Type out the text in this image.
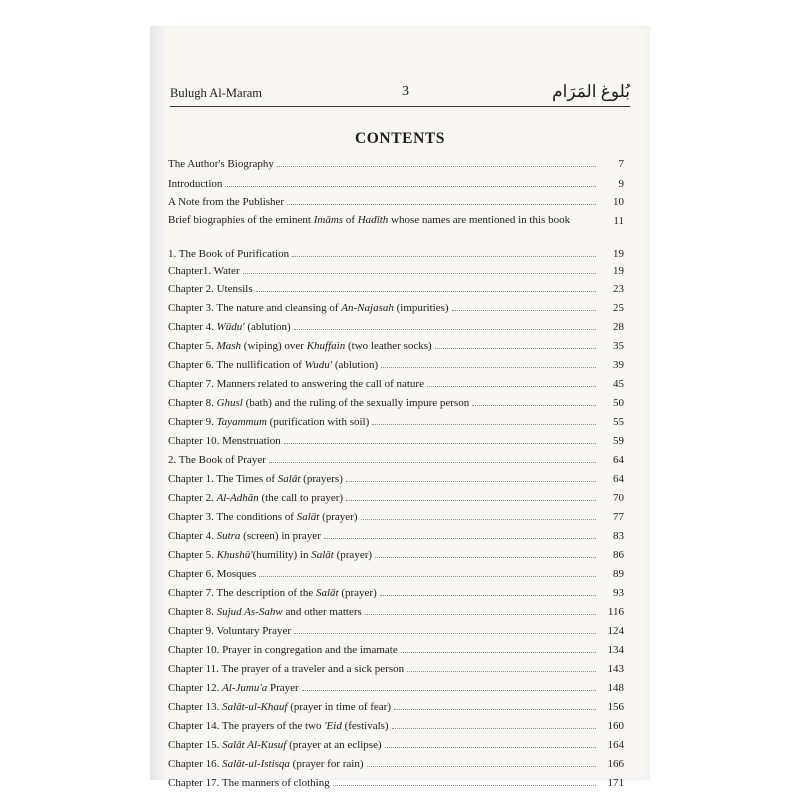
Bulugh Al-Maram	3	بُلوغ المَرَام
CONTENTS
The Author's Biography	7
Introduction	9
A Note from the Publisher	10
Brief biographies of the eminent Imāms of Hadīth whose names are mentioned in this book	11
1. The Book of Purification	19
Chapter1. Water	19
Chapter 2. Utensils	23
Chapter 3. The nature and cleansing of An-Najasah (impurities)	25
Chapter 4. Wūdu' (ablution)	28
Chapter 5. Mash (wiping) over Khuffain (two leather socks)	35
Chapter 6. The nullification of Wudu' (ablution)	39
Chapter 7. Manners related to answering the call of nature	45
Chapter 8. Ghusl (bath) and the ruling of the sexually impure person	50
Chapter 9. Tayammum (purification with soil)	55
Chapter 10. Menstruation	59
2. The Book of Prayer	64
Chapter 1. The Times of Salāt (prayers)	64
Chapter 2. Al-Adhān (the call to prayer)	70
Chapter 3. The conditions of Salāt (prayer)	77
Chapter 4. Sutra (screen) in prayer	83
Chapter 5. Khushū'(humility) in Salāt (prayer)	86
Chapter 6. Mosques	89
Chapter 7. The description of the Salāt (prayer)	93
Chapter 8. Sujud As-Sahw and other matters	116
Chapter 9. Voluntary Prayer	124
Chapter 10. Prayer in congregation and the imamate	134
Chapter 11. The prayer of a traveler and a sick person	143
Chapter 12. Al-Jumu'a Prayer	148
Chapter 13. Salāt-ul-Khauf (prayer in time of fear)	156
Chapter 14. The prayers of the two 'Eid (festivals)	160
Chapter 15. Salāt Al-Kusuf (prayer at an eclipse)	164
Chapter 16. Salāt-ul-Istisqa (prayer for rain)	166
Chapter 17. The manners of clothing	171
